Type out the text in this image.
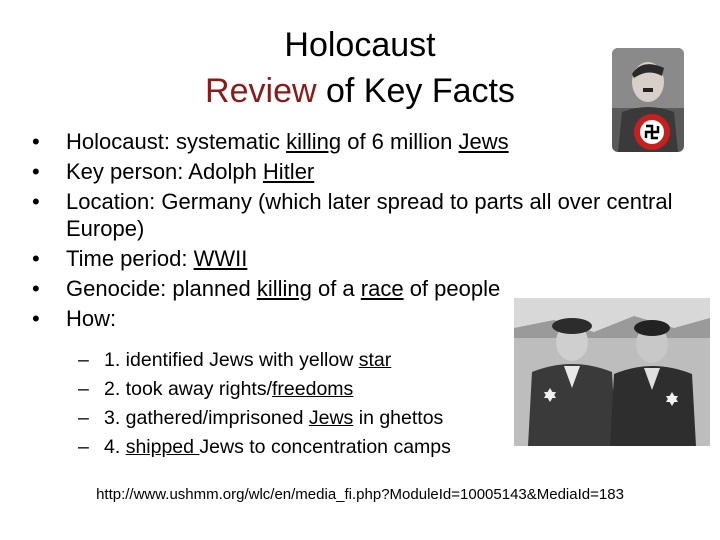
Holocaust
Review of Key Facts
• Holocaust: systematic killing of 6 million Jews
• Key person: Adolph Hitler
• Location: Germany (which later spread to parts all over central Europe)
• Time period: WWII
• Genocide: planned killing of a race of people
• How:
– 1. identified Jews with yellow star
– 2. took away rights/freedoms
– 3. gathered/imprisoned Jews in ghettos
– 4. shipped Jews to concentration camps
http://www.ushmm.org/wlc/en/media_fi.php?ModuleId=10005143&MediaId=183
